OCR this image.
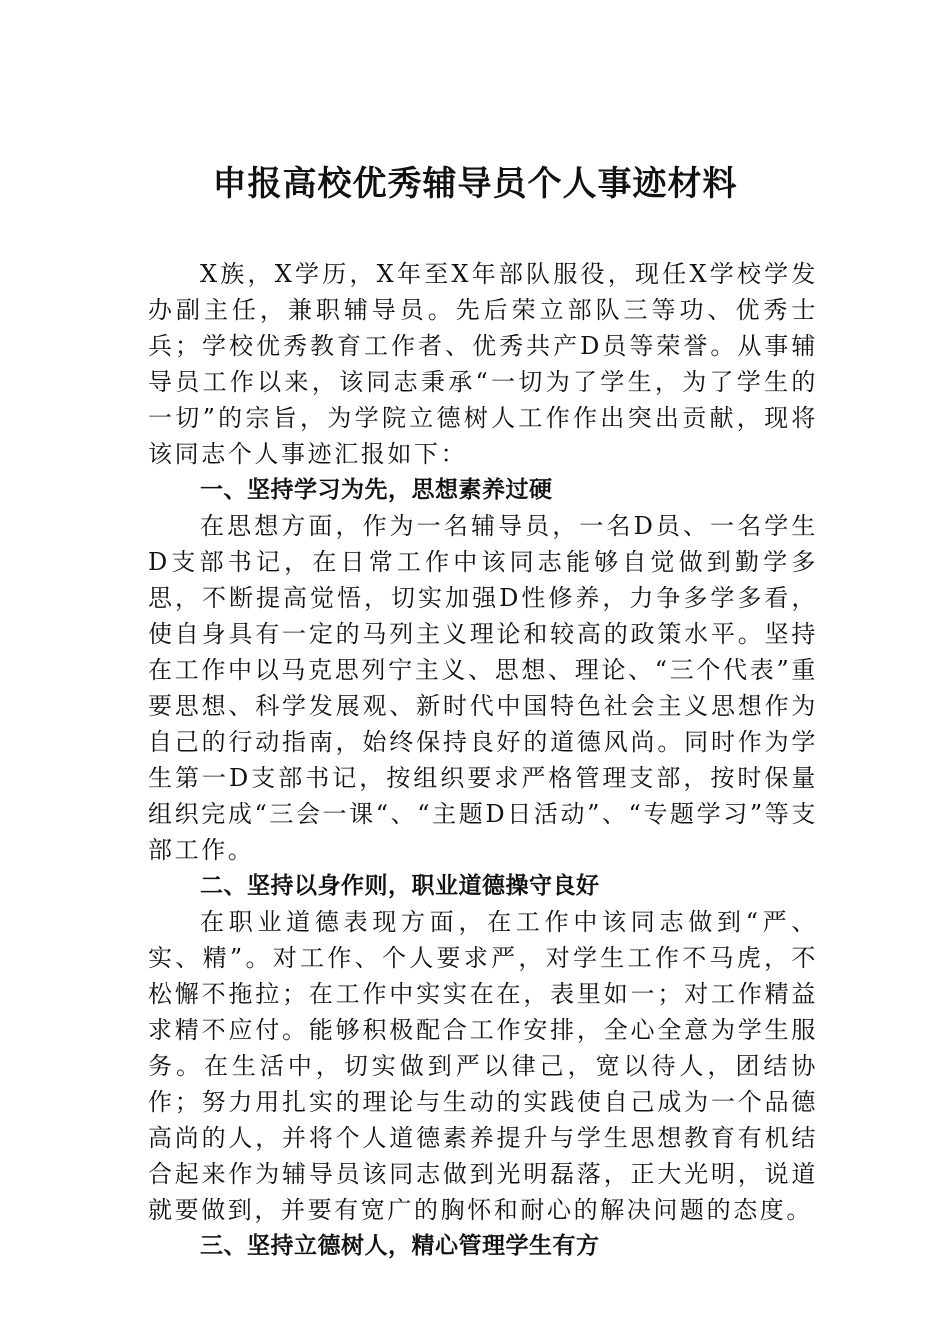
申报高校优秀辅导员个人事迹材料

X族，X学历，X年至X年部队服役，现任X学校学发办副主任，兼职辅导员。先后荣立部队三等功、优秀士兵；学校优秀教育工作者、优秀共产D员等荣誉。从事辅导员工作以来，该同志秉承“一切为了学生，为了学生的一切”的宗旨，为学院立德树人工作作出突出贡献，现将该同志个人事迹汇报如下：

一、坚持学习为先，思想素养过硬

在思想方面，作为一名辅导员，一名D员、一名学生D支部书记，在日常工作中该同志能够自觉做到勤学多思，不断提高觉悟，切实加强D性修养，力争多学多看，使自身具有一定的马列主义理论和较高的政策水平。坚持在工作中以马克思列宁主义、思想、理论、“三个代表”重要思想、科学发展观、新时代中国特色社会主义思想作为自己的行动指南，始终保持良好的道德风尚。同时作为学生第一D支部书记，按组织要求严格管理支部，按时保量组织完成“三会一课“、“主题D日活动”、“专题学习”等支部工作。

二、坚持以身作则，职业道德操守良好

在职业道德表现方面，在工作中该同志做到“严、实、精”。对工作、个人要求严，对学生工作不马虎，不松懈不拖拉；在工作中实实在在，表里如一；对工作精益求精不应付。能够积极配合工作安排，全心全意为学生服务。在生活中，切实做到严以律己，宽以待人，团结协作；努力用扎实的理论与生动的实践使自己成为一个品德高尚的人，并将个人道德素养提升与学生思想教育有机结合起来作为辅导员该同志做到光明磊落，正大光明，说道就要做到，并要有宽广的胸怀和耐心的解决问题的态度。

三、坚持立德树人，精心管理学生有方
